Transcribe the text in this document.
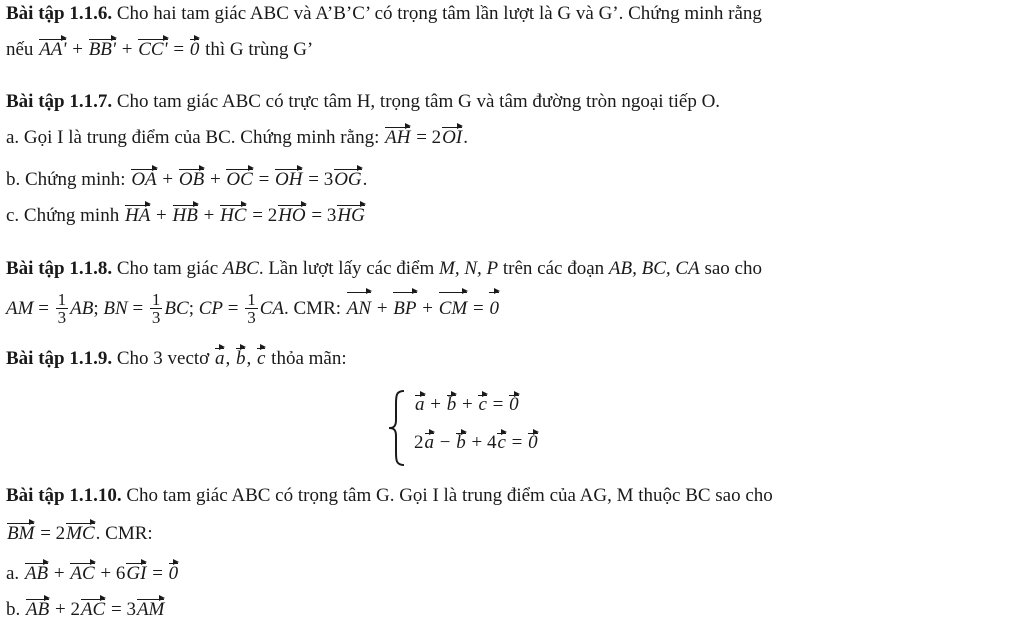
Bài tập 1.1.6. Cho hai tam giác ABC và A’B’C’ có trọng tâm lần lượt là G và G’. Chứng minh rằng
nếu AA' + BB' + CC' = 0 thì G trùng G’
Bài tập 1.1.7. Cho tam giác ABC có trực tâm H, trọng tâm G và tâm đường tròn ngoại tiếp O.
a. Gọi I là trung điểm của BC. Chứng minh rằng: AH = 2OI.
b. Chứng minh: OA + OB + OC = OH = 3OG.
c. Chứng minh HA + HB + HC = 2HO = 3HG
Bài tập 1.1.8. Cho tam giác ABC. Lần lượt lấy các điểm M, N, P trên các đoạn AB, BC, CA sao cho
AM = $\frac{1}{3}$ AB; BN = $\frac{1}{3}$ BC; CP = $\frac{1}{3}$ CA. CMR: AN + BP + CM = 0
Bài tập 1.1.9. Cho 3 vectơ a, b, c thỏa mãn:
a + b + c = 0
2a − b + 4c = 0
Bài tập 1.1.10. Cho tam giác ABC có trọng tâm G. Gọi I là trung điểm của AG, M thuộc BC sao cho
BM = 2MC. CMR:
a. AB + AC + 6GI = 0
b. AB + 2AC = 3AM
